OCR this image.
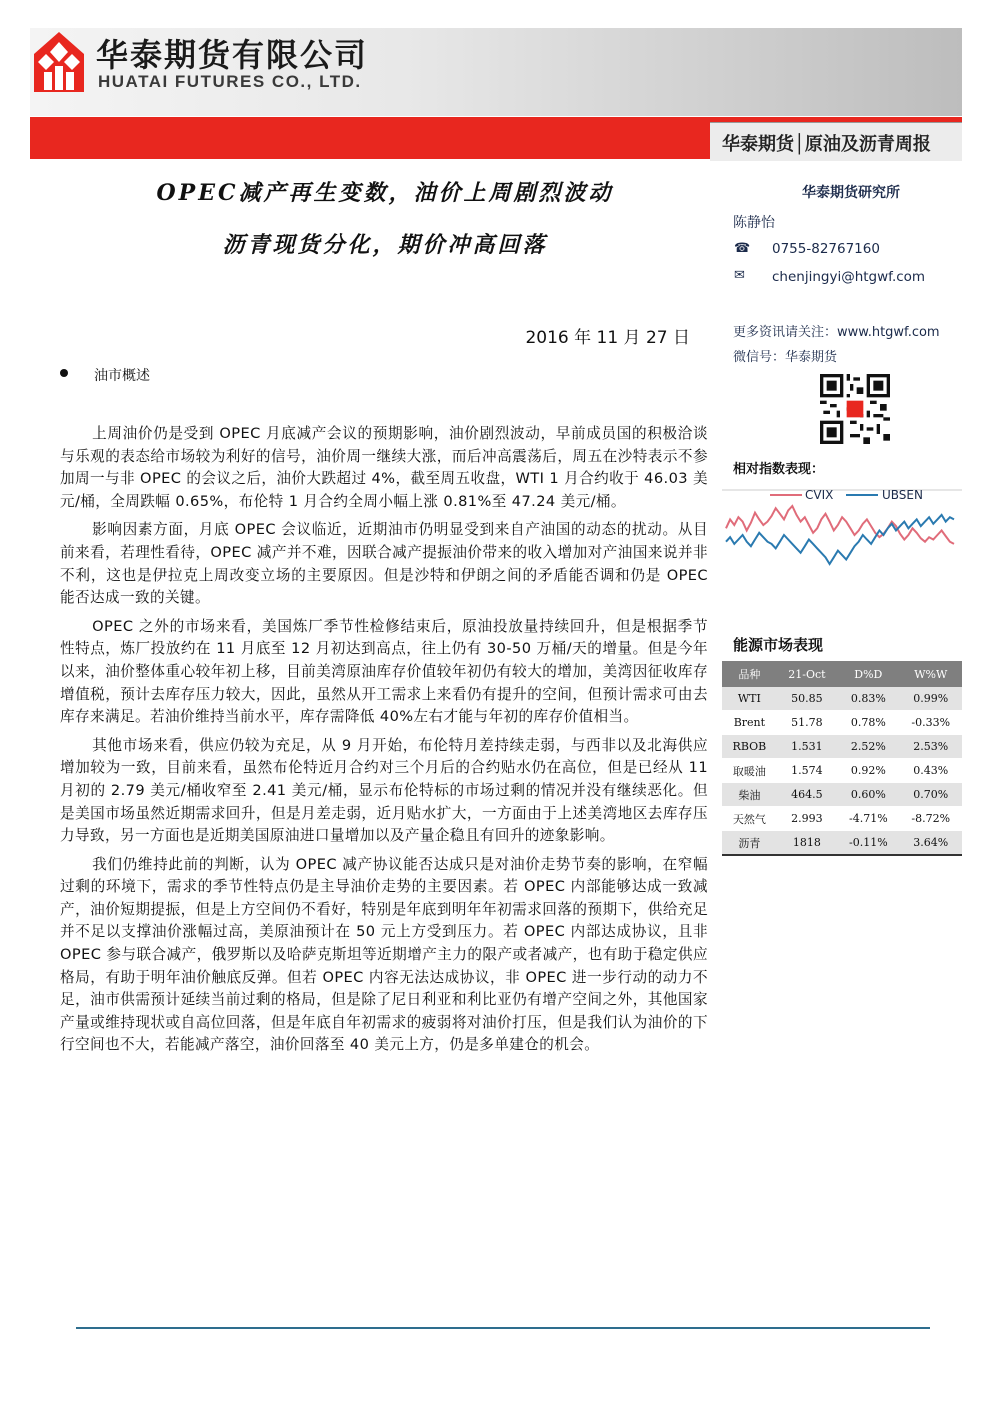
华泰期货有限公司
HUATAI FUTURES CO., LTD.
华泰期货│原油及沥青周报
OPEC减产再生变数，油价上周剧烈波动
沥青现货分化，期价冲高回落
2016 年 11 月 27 日
油市概述

上周油价仍是受到 OPEC 月底减产会议的预期影响，油价剧烈波动，早前成员国的积极洽谈与乐观的表态给市场较为利好的信号，油价周一继续大涨，而后冲高震荡后，周五在沙特表示不参加周一与非 OPEC 的会议之后，油价大跌超过 4%，截至周五收盘，WTI 1 月合约收于 46.03 美元/桶，全周跌幅 0.65%，布伦特 1 月合约全周小幅上涨 0.81%至 47.24 美元/桶。

影响因素方面，月底 OPEC 会议临近，近期油市仍明显受到来自产油国的动态的扰动。从目前来看，若理性看待，OPEC 减产并不难，因联合减产提振油价带来的收入增加对产油国来说并非不利，这也是伊拉克上周改变立场的主要原因。但是沙特和伊朗之间的矛盾能否调和仍是 OPEC 能否达成一致的关键。

OPEC 之外的市场来看，美国炼厂季节性检修结束后，原油投放量持续回升，但是根据季节性特点，炼厂投放约在 11 月底至 12 月初达到高点，往上仍有 30-50 万桶/天的增量。但是今年以来，油价整体重心较年初上移，目前美湾原油库存价值较年初仍有较大的增加，美湾因征收库存增值税，预计去库存压力较大，因此，虽然从开工需求上来看仍有提升的空间，但预计需求可由去库存来满足。若油价维持当前水平，库存需降低 40%左右才能与年初的库存价值相当。

其他市场来看，供应仍较为充足，从 9 月开始，布伦特月差持续走弱，与西非以及北海供应增加较为一致，目前来看，虽然布伦特近月合约对三个月后的合约贴水仍在高位，但是已经从 11 月初的 2.79 美元/桶收窄至 2.41 美元/桶，显示布伦特标的市场过剩的情况并没有继续恶化。但是美国市场虽然近期需求回升，但是月差走弱，近月贴水扩大，一方面由于上述美湾地区去库存压力导致，另一方面也是近期美国原油进口量增加以及产量企稳且有回升的迹象影响。

我们仍维持此前的判断，认为 OPEC 减产协议能否达成只是对油价走势节奏的影响，在窄幅过剩的环境下，需求的季节性特点仍是主导油价走势的主要因素。若 OPEC 内部能够达成一致减产，油价短期提振，但是上方空间仍不看好，特别是年底到明年年初需求回落的预期下，供给充足并不足以支撑油价涨幅过高，美原油预计在 50 元上方受到压力。若 OPEC 内部达成协议，且非 OPEC 参与联合减产，俄罗斯以及哈萨克斯坦等近期增产主力的限产或者减产，也有助于稳定供应格局，有助于明年油价触底反弹。但若 OPEC 内容无法达成协议，非 OPEC 进一步行动的动力不足，油市供需预计延续当前过剩的格局，但是除了尼日利亚和利比亚仍有增产空间之外，其他国家产量或维持现状或自高位回落，但是年底自年初需求的疲弱将对油价打压，但是我们认为油价的下行空间也不大，若能减产落空，油价回落至 40 美元上方，仍是多单建仓的机会。

华泰期货研究所
陈静怡
☎ 0755-82767160
✉ chenjingyi@htgwf.com
更多资讯请关注：www.htgwf.com
微信号：华泰期货
相对指数表现：
CVIX	UBSEN
能源市场表现
品种	21-Oct	D%D	W%W
WTI	50.85	0.83%	0.99%
Brent	51.78	0.78%	-0.33%
RBOB	1.531	2.52%	2.53%
取暖油	1.574	0.92%	0.43%
柴油	464.5	0.60%	0.70%
天然气	2.993	-4.71%	-8.72%
沥青	1818	-0.11%	3.64%
